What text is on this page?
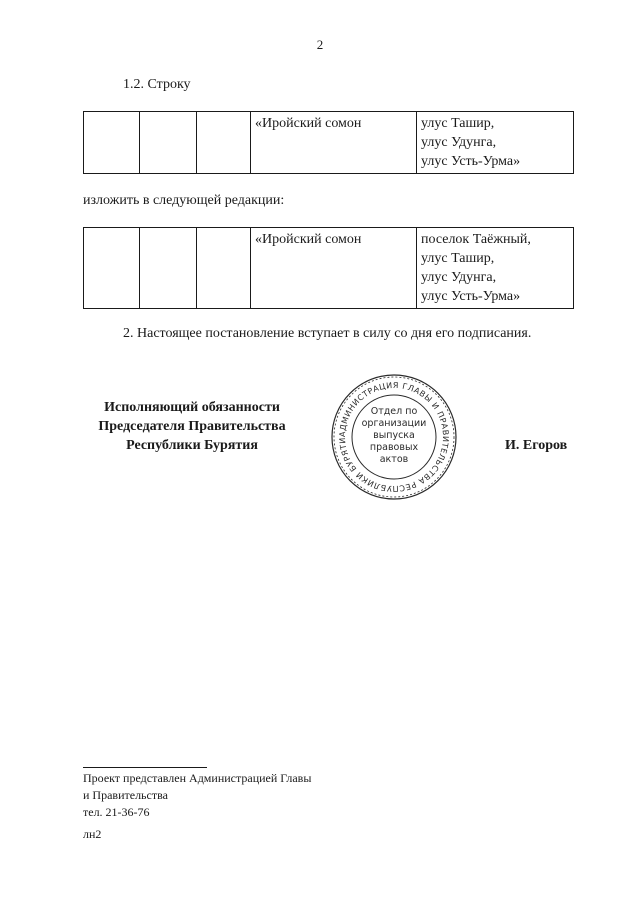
2
1.2. Строку
			«Иройский сомон	улус Ташир,
улус Удунга,
улус Усть-Урма»
изложить в следующей редакции:
			«Иройский сомон	поселок Таёжный,
улус Ташир,
улус Удунга,
улус Усть-Урма»
2. Настоящее постановление вступает в силу со дня его подписания.
Исполняющий обязанности
Председателя Правительства
Республики Бурятия
АДМИНИСТРАЦИЯ ГЛАВЫ И ПРАВИТЕЛЬСТВА РЕСПУБЛИКИ БУРЯТИ
Отдел по
организации
выпуска
правовых
актов
И. Егоров
Проект представлен Администрацией Главы
и Правительства
тел. 21-36-76
лн2
